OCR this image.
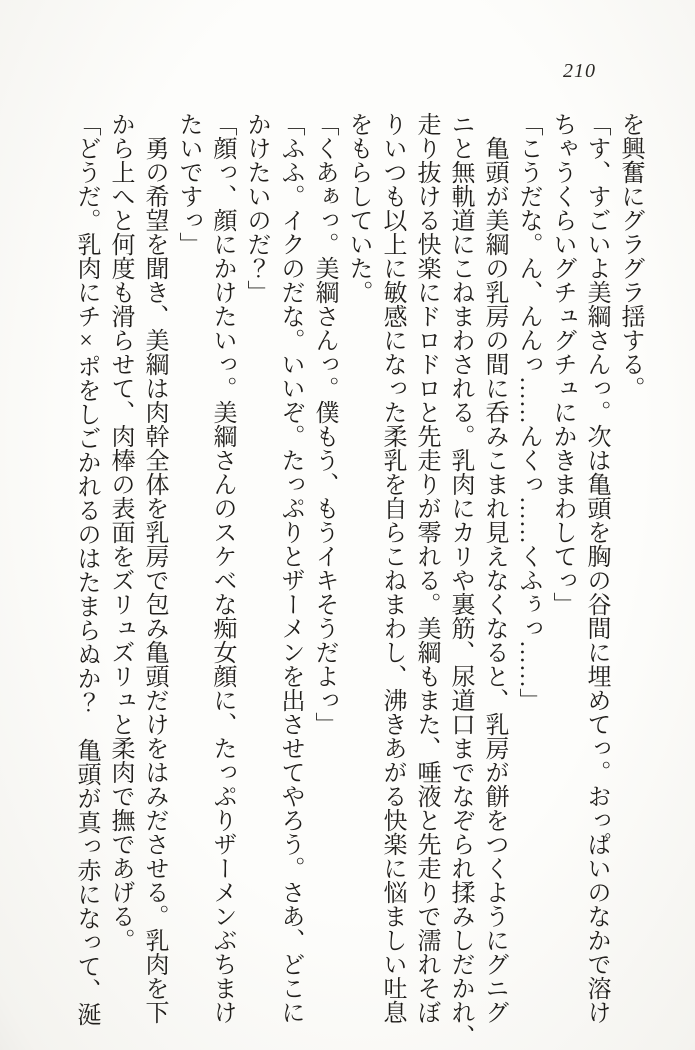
210

を興奮にグラグラ揺する。

「す、すごいよ美綱さんっ。次は亀頭を胸の谷間に埋めてっ。おっぱいのなかで溶け

ちゃうくらいグチュグチュにかきまわしてっ」

「こうだな。ん、んんっ……んくっ……くふぅっ……」

　亀頭が美綱の乳房の間に呑みこまれ見えなくなると、乳房が餅をつくようにグニグ

ニと無軌道にこねまわされる。乳肉にカリや裏筋、尿道口までなぞられ揉みしだかれ、

走り抜ける快楽にドロドロと先走りが零れる。美綱もまた、唾液と先走りで濡れそぼ

りいつも以上に敏感になった柔乳を自らこねまわし、沸きあがる快楽に悩ましい吐息

をもらしていた。

「くあぁっ。美綱さんっ。僕もう、もうイキそうだよっ」

「ふふ。イクのだな。いいぞ。たっぷりとザーメンを出させてやろう。さあ、どこに

かけたいのだ？」

「顔っ、顔にかけたいっ。美綱さんのスケベな痴女顔に、たっぷりザーメンぶちまけ

たいですっ」

　勇の希望を聞き、美綱は肉幹全体を乳房で包み亀頭だけをはみださせる。乳肉を下

から上へと何度も滑らせて、肉棒の表面をズリュズリュと柔肉で撫であげる。

「どうだ。乳肉にチ×ポをしごかれるのはたまらぬか？　亀頭が真っ赤になって、涎
